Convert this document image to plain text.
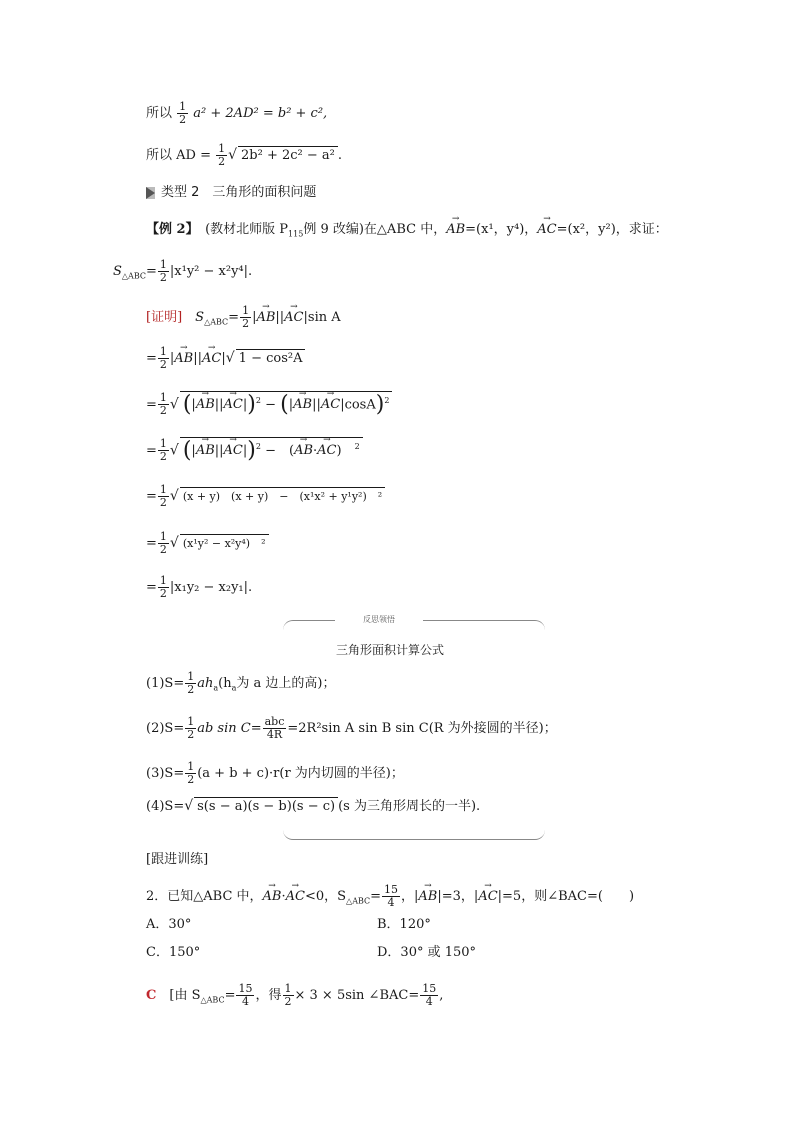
所以 $\frac{1}{2} a^2 + 2AD^2 = b^2 + c^2$,
所以 AD = $\frac{1}{2}$ √ 2b² + 2c² − a² .
类型 2　三角形的面积问题
【例 2】　 (教材北师版 $P_{115}$例 9 改编)在△ABC 中，→ AB=(x¹，y⁴)，→ AC=(x²，y²)，求证：
$S_{\triangle ABC}= \frac{1}{2} |x^1y^2 - x^2y^4|$.
[证明]　 $S_{\triangle ABC}= \frac{1}{2}$ |→ AB||→ AC|sin A
= $\frac{1}{2}$ |→ AB||→ AC|√ 1 − cos²A
= $\frac{1}{2}$ √ (|→ AB||→ AC|)$^2$ − (|→ AB||→ AC|cosA)$^2$
= $\frac{1}{2}$ √ (|→ AB||→ AC|)$^2$ −　(→ AB·→ AC)　$^2$
= $\frac{1}{2}$ √ (x + y)　(x + y)　−　(x¹x² + y¹y²)　²
= $\frac{1}{2}$ √ (x¹y² − x²y⁴)　²
= $\frac{1}{2} |x_1y_2 - x_2y_1|$.
反思领悟
三角形面积计算公式
$(1)S= \frac{1}{2} ah_a(h_a$为 a 边上的高)；
$(2)S= \frac{1}{2}$ ab $\sin C= \frac{\text{abc}}{4R} =2R^2\sin$ A sin B sin C(R 为外接圆的半径)；
$(3)S= \frac{1}{2} (a + b + c)\cdot r(r$ 为内切圆的半径)；
(4)S=√ s(s − a)(s − b)(s − c) (s 为三角形周长的一半).
[跟进训练]
2．已知△ABC 中，→ AB·→ AC<0，$S_{\triangle ABC}= \frac{15}{4}$ ，|→ AB|=3，|→ AC|=5，则∠BAC=(　　)
A．30°	B．120°
C．150°	D．30° 或 150°
C　 [由 $S_{\triangle ABC}= \frac{15}{4}$ ，得 $\frac{1}{2} \times 3 \times 5\sin$ ∠BAC= $\frac{15}{4}$ ,
